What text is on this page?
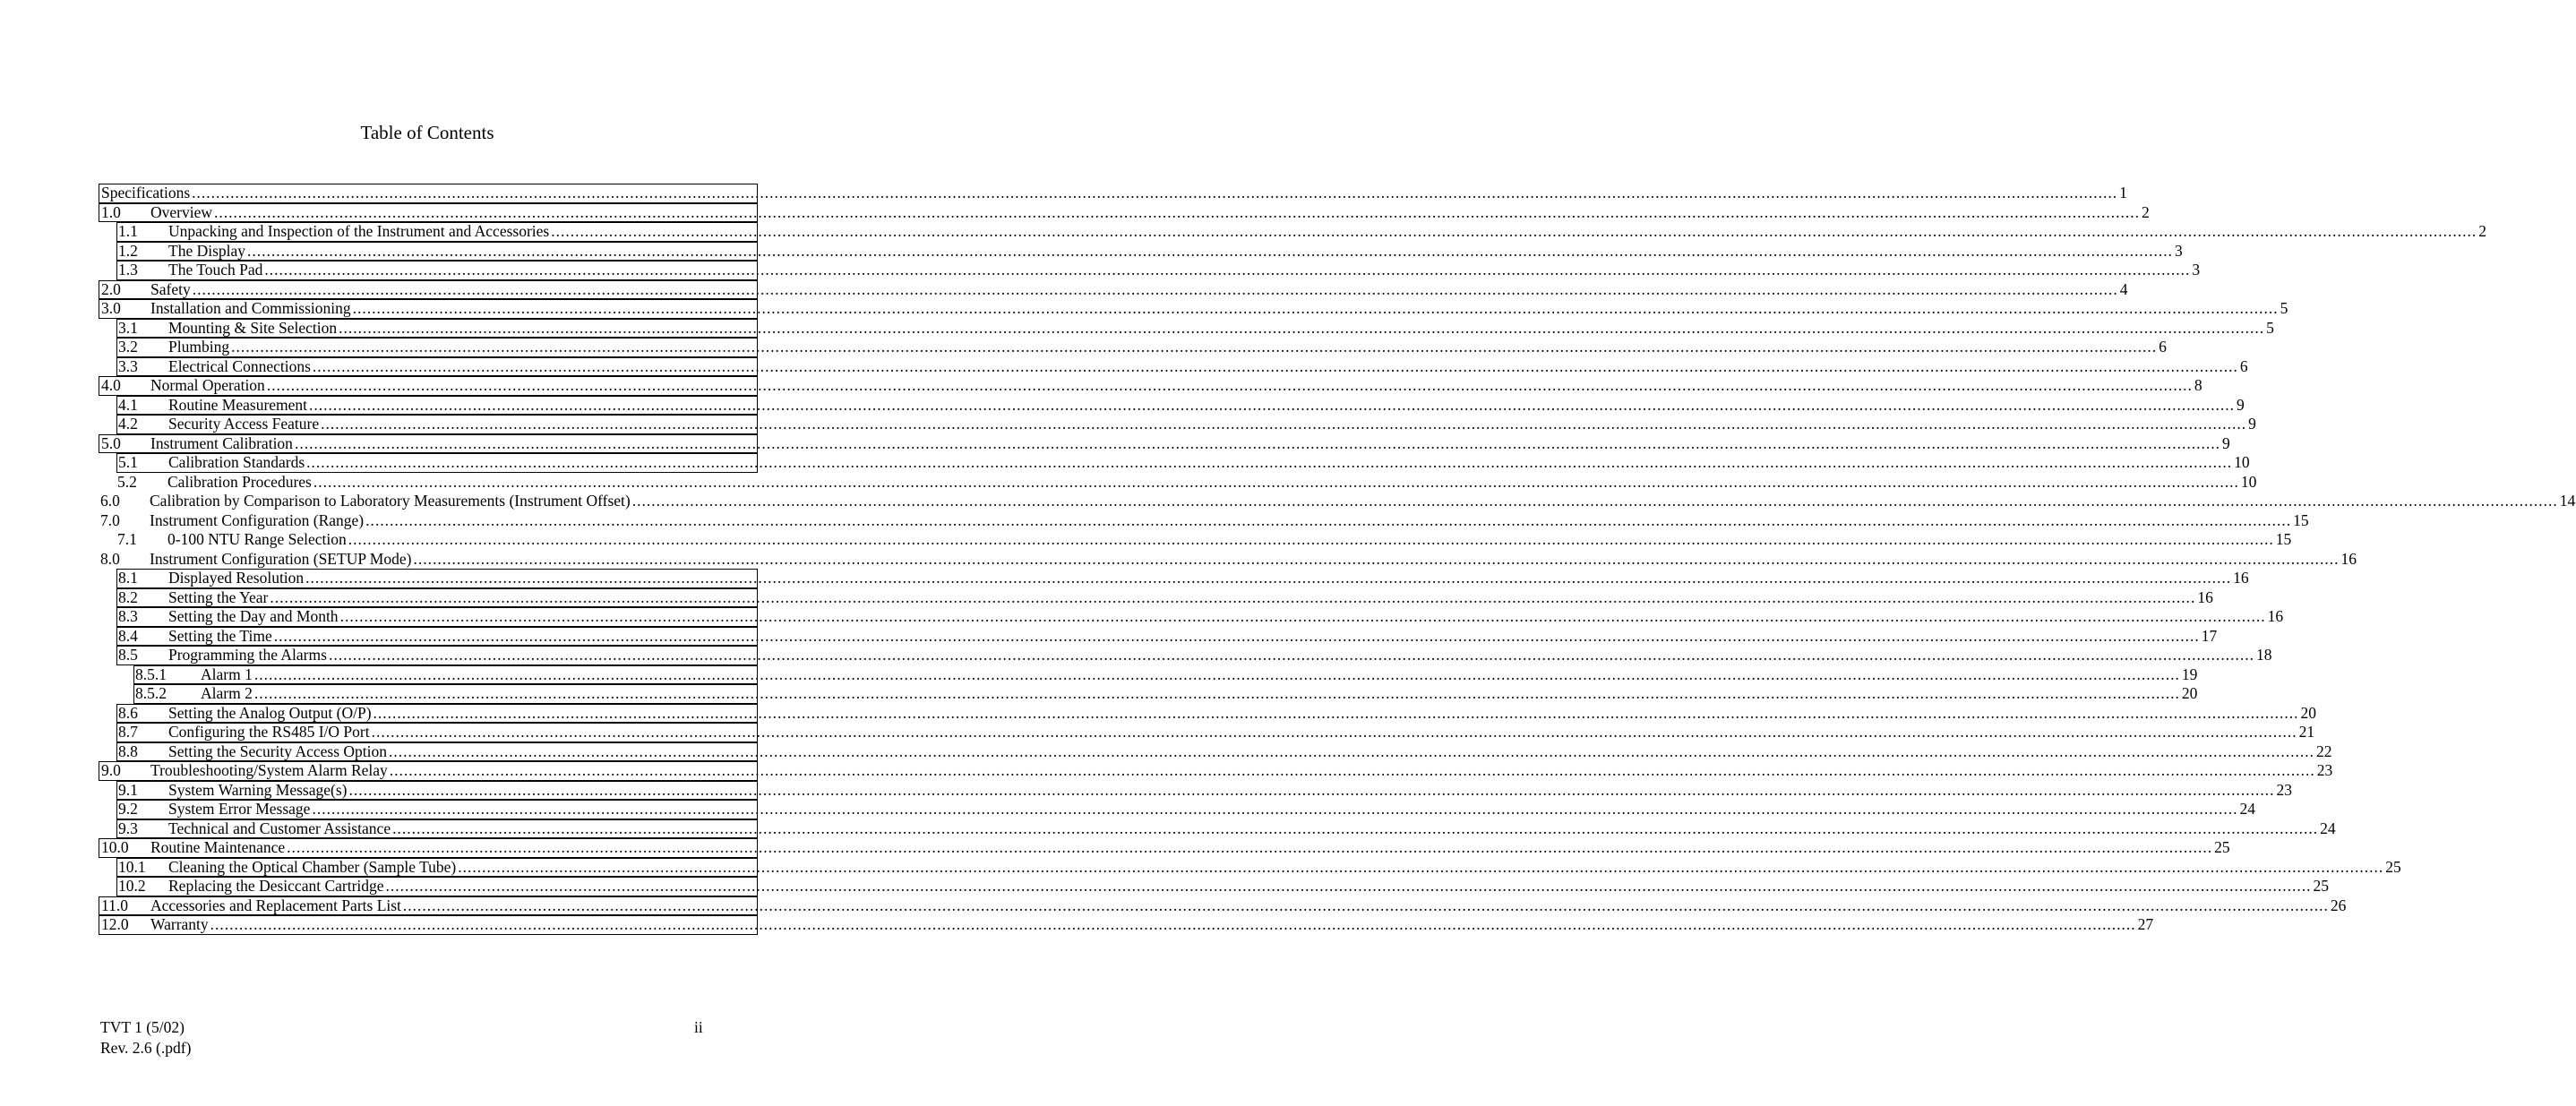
Table of Contents
Specifications ................................................................................................................................................................................................................................................................................................................................................................................................................ 1
1.0	Overview ................................................................................................................................................................................................................................................................................................................................................................................................................ 2
1.1	Unpacking and Inspection of the Instrument and Accessories ................................................................................................................................................................................................................................................................................................................................................................................................................ 2
1.2	The Display ................................................................................................................................................................................................................................................................................................................................................................................................................ 3
1.3	The Touch Pad ................................................................................................................................................................................................................................................................................................................................................................................................................ 3
2.0	Safety ................................................................................................................................................................................................................................................................................................................................................................................................................ 4
3.0	Installation and Commissioning ................................................................................................................................................................................................................................................................................................................................................................................................................ 5
3.1	Mounting & Site Selection ................................................................................................................................................................................................................................................................................................................................................................................................................ 5
3.2	Plumbing ................................................................................................................................................................................................................................................................................................................................................................................................................ 6
3.3	Electrical Connections ................................................................................................................................................................................................................................................................................................................................................................................................................ 6
4.0	Normal Operation ................................................................................................................................................................................................................................................................................................................................................................................................................ 8
4.1	Routine Measurement ................................................................................................................................................................................................................................................................................................................................................................................................................ 9
4.2	Security Access Feature ................................................................................................................................................................................................................................................................................................................................................................................................................ 9
5.0	Instrument Calibration ................................................................................................................................................................................................................................................................................................................................................................................................................ 9
5.1	Calibration Standards ................................................................................................................................................................................................................................................................................................................................................................................................................ 10
5.2	Calibration Procedures ................................................................................................................................................................................................................................................................................................................................................................................................................ 10
6.0	Calibration by Comparison to Laboratory Measurements (Instrument Offset) ................................................................................................................................................................................................................................................................................................................................................................................................................ 14
7.0	Instrument Configuration (Range) ................................................................................................................................................................................................................................................................................................................................................................................................................ 15
7.1	0-100 NTU Range Selection ................................................................................................................................................................................................................................................................................................................................................................................................................ 15
8.0	Instrument Configuration (SETUP Mode) ................................................................................................................................................................................................................................................................................................................................................................................................................ 16
8.1	Displayed Resolution ................................................................................................................................................................................................................................................................................................................................................................................................................ 16
8.2	Setting the Year ................................................................................................................................................................................................................................................................................................................................................................................................................ 16
8.3	Setting the Day and Month ................................................................................................................................................................................................................................................................................................................................................................................................................ 16
8.4	Setting the Time ................................................................................................................................................................................................................................................................................................................................................................................................................ 17
8.5	Programming the Alarms ................................................................................................................................................................................................................................................................................................................................................................................................................ 18
8.5.1	Alarm 1 ................................................................................................................................................................................................................................................................................................................................................................................................................ 19
8.5.2	Alarm 2 ................................................................................................................................................................................................................................................................................................................................................................................................................ 20
8.6	Setting the Analog Output (O/P) ................................................................................................................................................................................................................................................................................................................................................................................................................ 20
8.7	Configuring the RS485 I/O Port ................................................................................................................................................................................................................................................................................................................................................................................................................ 21
8.8	Setting the Security Access Option ................................................................................................................................................................................................................................................................................................................................................................................................................ 22
9.0	Troubleshooting/System Alarm Relay ................................................................................................................................................................................................................................................................................................................................................................................................................ 23
9.1	System Warning Message(s) ................................................................................................................................................................................................................................................................................................................................................................................................................ 23
9.2	System Error Message ................................................................................................................................................................................................................................................................................................................................................................................................................ 24
9.3	Technical and Customer Assistance ................................................................................................................................................................................................................................................................................................................................................................................................................ 24
10.0	Routine Maintenance ................................................................................................................................................................................................................................................................................................................................................................................................................ 25
10.1	Cleaning the Optical Chamber (Sample Tube) ................................................................................................................................................................................................................................................................................................................................................................................................................ 25
10.2	Replacing the Desiccant Cartridge ................................................................................................................................................................................................................................................................................................................................................................................................................ 25
11.0	Accessories and Replacement Parts List ................................................................................................................................................................................................................................................................................................................................................................................................................ 26
12.0	Warranty ................................................................................................................................................................................................................................................................................................................................................................................................................ 27
TVT 1 (5/02)
Rev. 2.6 (.pdf)
ii
